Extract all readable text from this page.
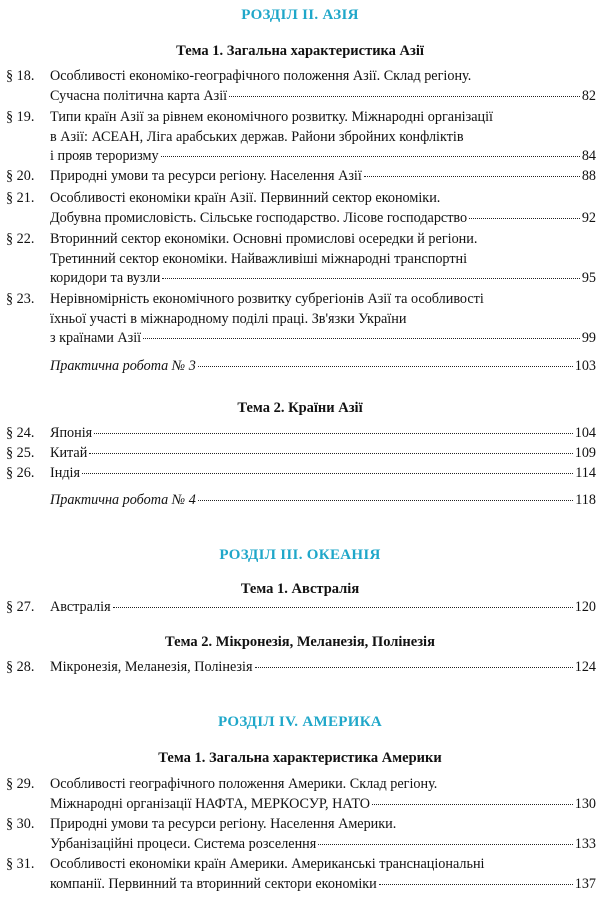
РОЗДІЛ ІІ. АЗІЯ
Тема 1. Загальна характеристика Азії
§ 18.	Особливості економіко-географічного положення Азії. Склад регіону.
Сучасна політична карта Азії	82
§ 19.	Типи країн Азії за рівнем економічного розвитку. Міжнародні організації
в Азії: АСЕАН, Ліга арабських держав. Райони збройних конфліктів
і прояв тероризму	84
§ 20.	Природні умови та ресурси регіону. Населення Азії	88
§ 21.	Особливості економіки країн Азії. Первинний сектор економіки.
Добувна промисловість. Сільське господарство. Лісове господарство	92
§ 22.	Вторинний сектор економіки. Основні промислові осередки й регіони.
Третинний сектор економіки. Найважливіші міжнародні транспортні
коридори та вузли	95
§ 23.	Нерівномірність економічного розвитку субрегіонів Азії та особливості
їхньої участі в міжнародному поділі праці. Зв'язки України
з країнами Азії	99
Практична робота № 3	103
Тема 2. Країни Азії
§ 24.	Японія	104
§ 25.	Китай	109
§ 26.	Індія	114
Практична робота № 4	118
РОЗДІЛ ІІІ. ОКЕАНІЯ
Тема 1. Австралія
§ 27.	Австралія	120
Тема 2. Мікронезія, Меланезія, Полінезія
§ 28.	Мікронезія, Меланезія, Полінезія	124
РОЗДІЛ IV. АМЕРИКА
Тема 1. Загальна характеристика Америки
§ 29.	Особливості географічного положення Америки. Склад регіону.
Міжнародні організації НАФТА, МЕРКОСУР, НАТО	130
§ 30.	Природні умови та ресурси регіону. Населення Америки.
Урбанізаційні процеси. Система розселення	133
§ 31.	Особливості економіки країн Америки. Американські транснаціональні
компанії. Первинний та вторинний сектори економіки	137
